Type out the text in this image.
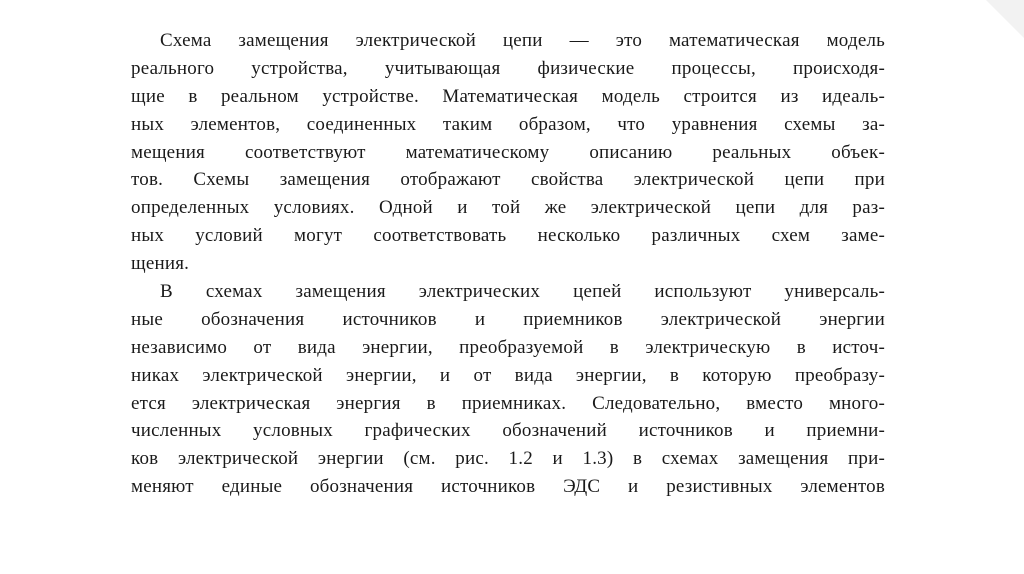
Схема замещения электрической цепи — это математическая модель
реального устройства, учитывающая физические процессы, происходя-
щие в реальном устройстве. Математическая модель строится из идеаль-
ных элементов, соединенных таким образом, что уравнения схемы за-
мещения соответствуют математическому описанию реальных объек-
тов. Схемы замещения отображают свойства электрической цепи при
определенных условиях. Одной и той же электрической цепи для раз-
ных условий могут соответствовать несколько различных схем заме-
щения.
В схемах замещения электрических цепей используют универсаль-
ные обозначения источников и приемников электрической энергии
независимо от вида энергии, преобразуемой в электрическую в источ-
никах электрической энергии, и от вида энергии, в которую преобразу-
ется электрическая энергия в приемниках. Следовательно, вместо много-
численных условных графических обозначений источников и приемни-
ков электрической энергии (см. рис. 1.2 и 1.3) в схемах замещения при-
меняют единые обозначения источников ЭДС и резистивных элементов
